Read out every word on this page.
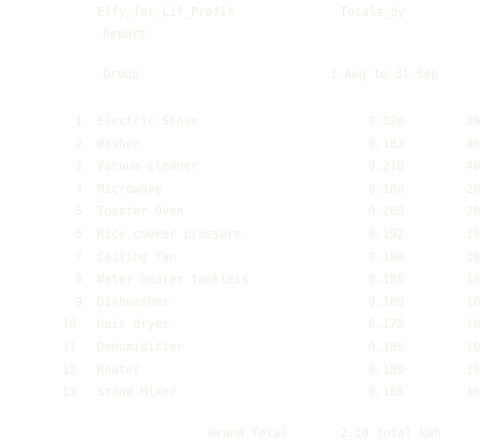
Elfy_for_Lif_Profit	Totals_by
Report
Group	1-Aug to 31-Sep
1 Electric Stove	0.026	30
2 Washer	0.183	40
3 Vacuum cleaner	0.210	40
4 Microwave	0.180	20
5 Toaster Oven	0.200	20
6 Rice cooker pressure	0.192	10
7 Ceiling fan	0.180	10
8 Water heater tankless	0.186	10
9 Dishwasher	0.180	10
10 Hair dryer	0.175	10
11 Dehumidifier	0.186	10
12 Router	0.189	10
13 Stand Mixer	0.186	10
Grand Total	2.10 total kWh
